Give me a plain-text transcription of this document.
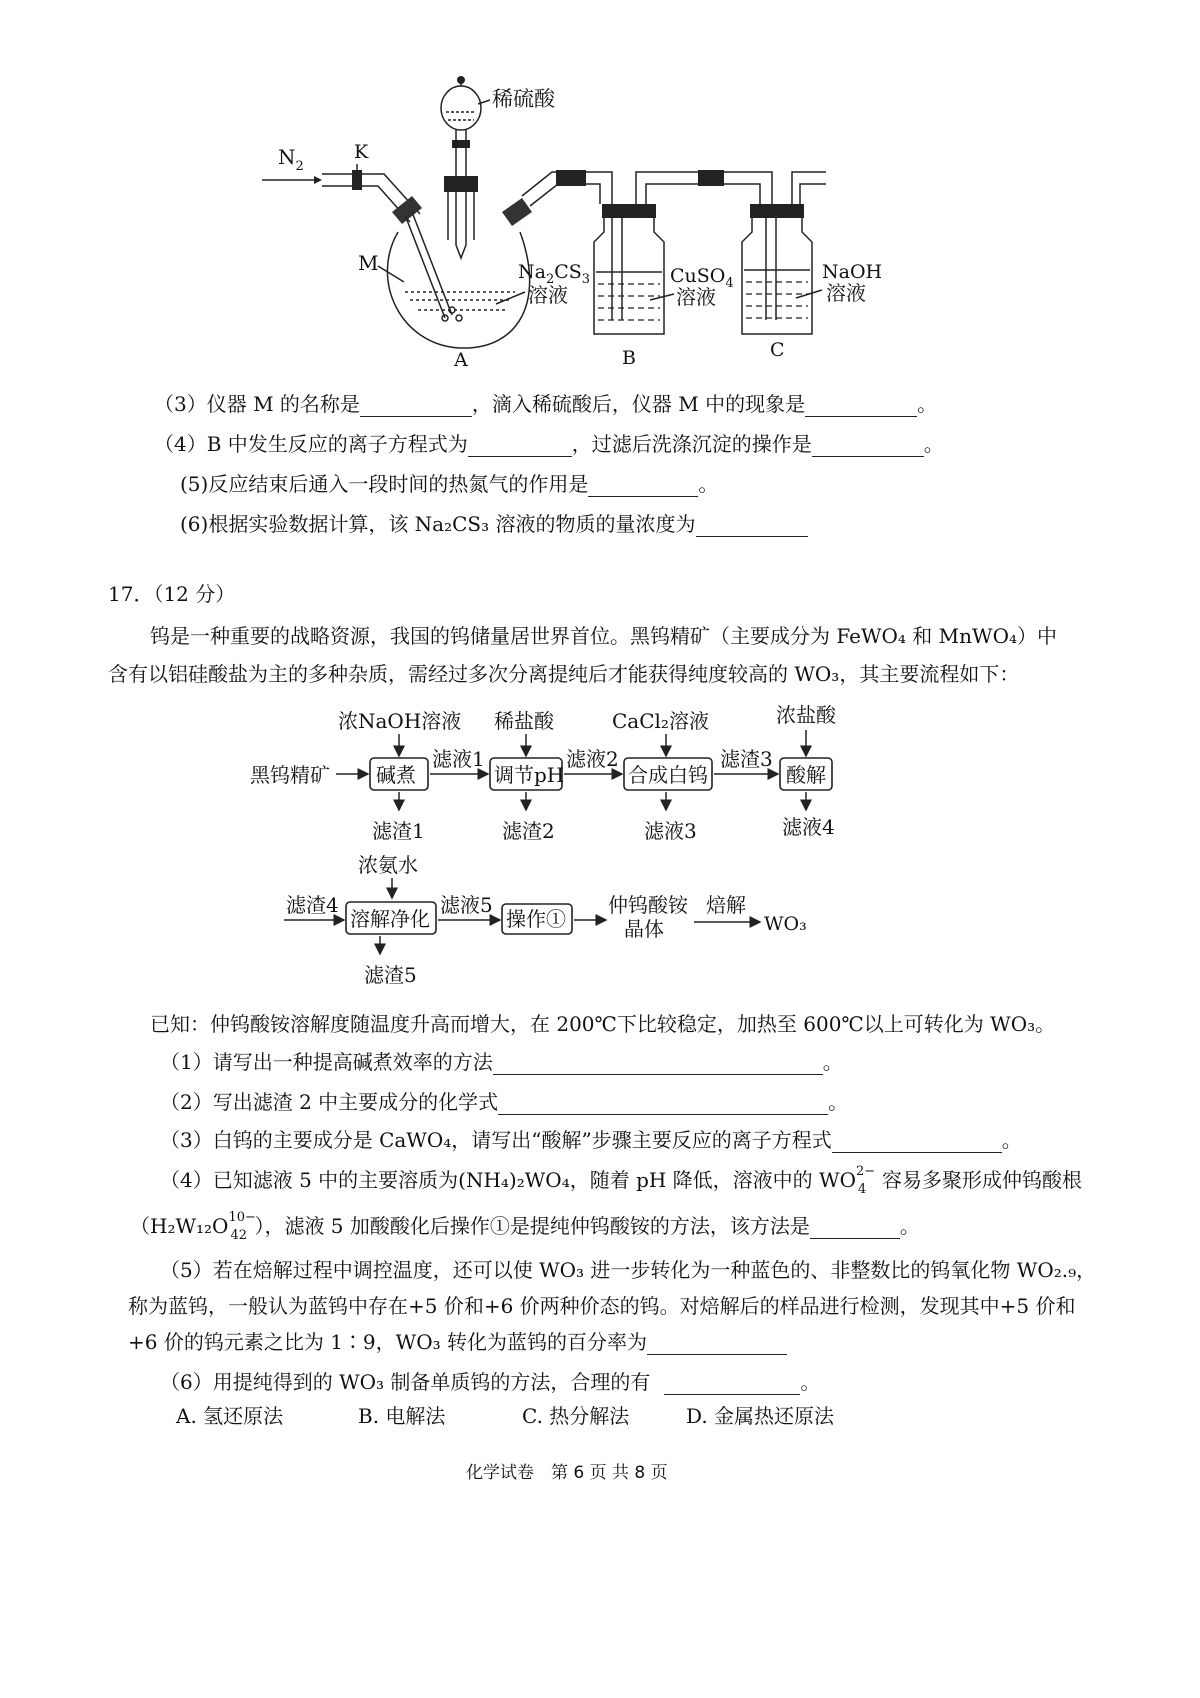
$N_2$
K
稀硫酸
M	$Na_2CS_3$
溶液
A
CuSO$_4$
溶液
B
NaOH
溶液
C
（3）仪器 M 的名称是	，滴入稀硫酸后，仪器 M 中的现象是	。
（4）B 中发生反应的离子方程式为	，过滤后洗涤沉淀的操作是	。
(5)反应结束后通入一段时间的热氮气的作用是	。
(6)根据实验数据计算，该 Na₂CS₃ 溶液的物质的量浓度为
17．（12 分）
钨是一种重要的战略资源，我国的钨储量居世界首位。黑钨精矿（主要成分为 FeWO₄ 和 MnWO₄）中
含有以铝硅酸盐为主的多种杂质，需经过多次分离提纯后才能获得纯度较高的 WO₃，其主要流程如下：
黑钨精矿 碱煮
浓NaOH溶液
滤渣1
滤液1
调节pH
稀盐酸
滤渣2
滤液2
合成白钨
CaCl₂溶液
滤液3
滤渣3
酸解
浓盐酸
滤液4
浓氨水
滤渣4
溶解净化
滤渣5
滤液5
操作①
仲钨酸铵
晶体
焙解
WO₃
已知：仲钨酸铵溶解度随温度升高而增大，在 200℃下比较稳定，加热至 600℃以上可转化为 WO₃。
（1）请写出一种提高碱煮效率的方法	。
（2）写出滤渣 2 中主要成分的化学式	。
（3）白钨的主要成分是 CaWO₄，请写出“酸解”步骤主要反应的离子方程式	。
（4）已知滤液 5 中的主要溶质为(NH₄)₂WO₄，随着 pH 降低，溶液中的 WO 2−
4 容易多聚形成仲钨酸根
（H₂W₁₂O 10−
42 ），滤液 5 加酸酸化后操作①是提纯仲钨酸铵的方法，该方法是	。
（5）若在焙解过程中调控温度，还可以使 WO₃ 进一步转化为一种蓝色的、非整数比的钨氧化物 WO₂.₉，
称为蓝钨，一般认为蓝钨中存在+5 价和+6 价两种价态的钨。对焙解后的样品进行检测，发现其中+5 价和
+6 价的钨元素之比为 1∶9，WO₃ 转化为蓝钨的百分率为
（6）用提纯得到的 WO₃ 制备单质钨的方法，合理的有	。
A. 氢还原法	B. 电解法	C. 热分解法	D. 金属热还原法
化学试卷　第 6 页 共 8 页
